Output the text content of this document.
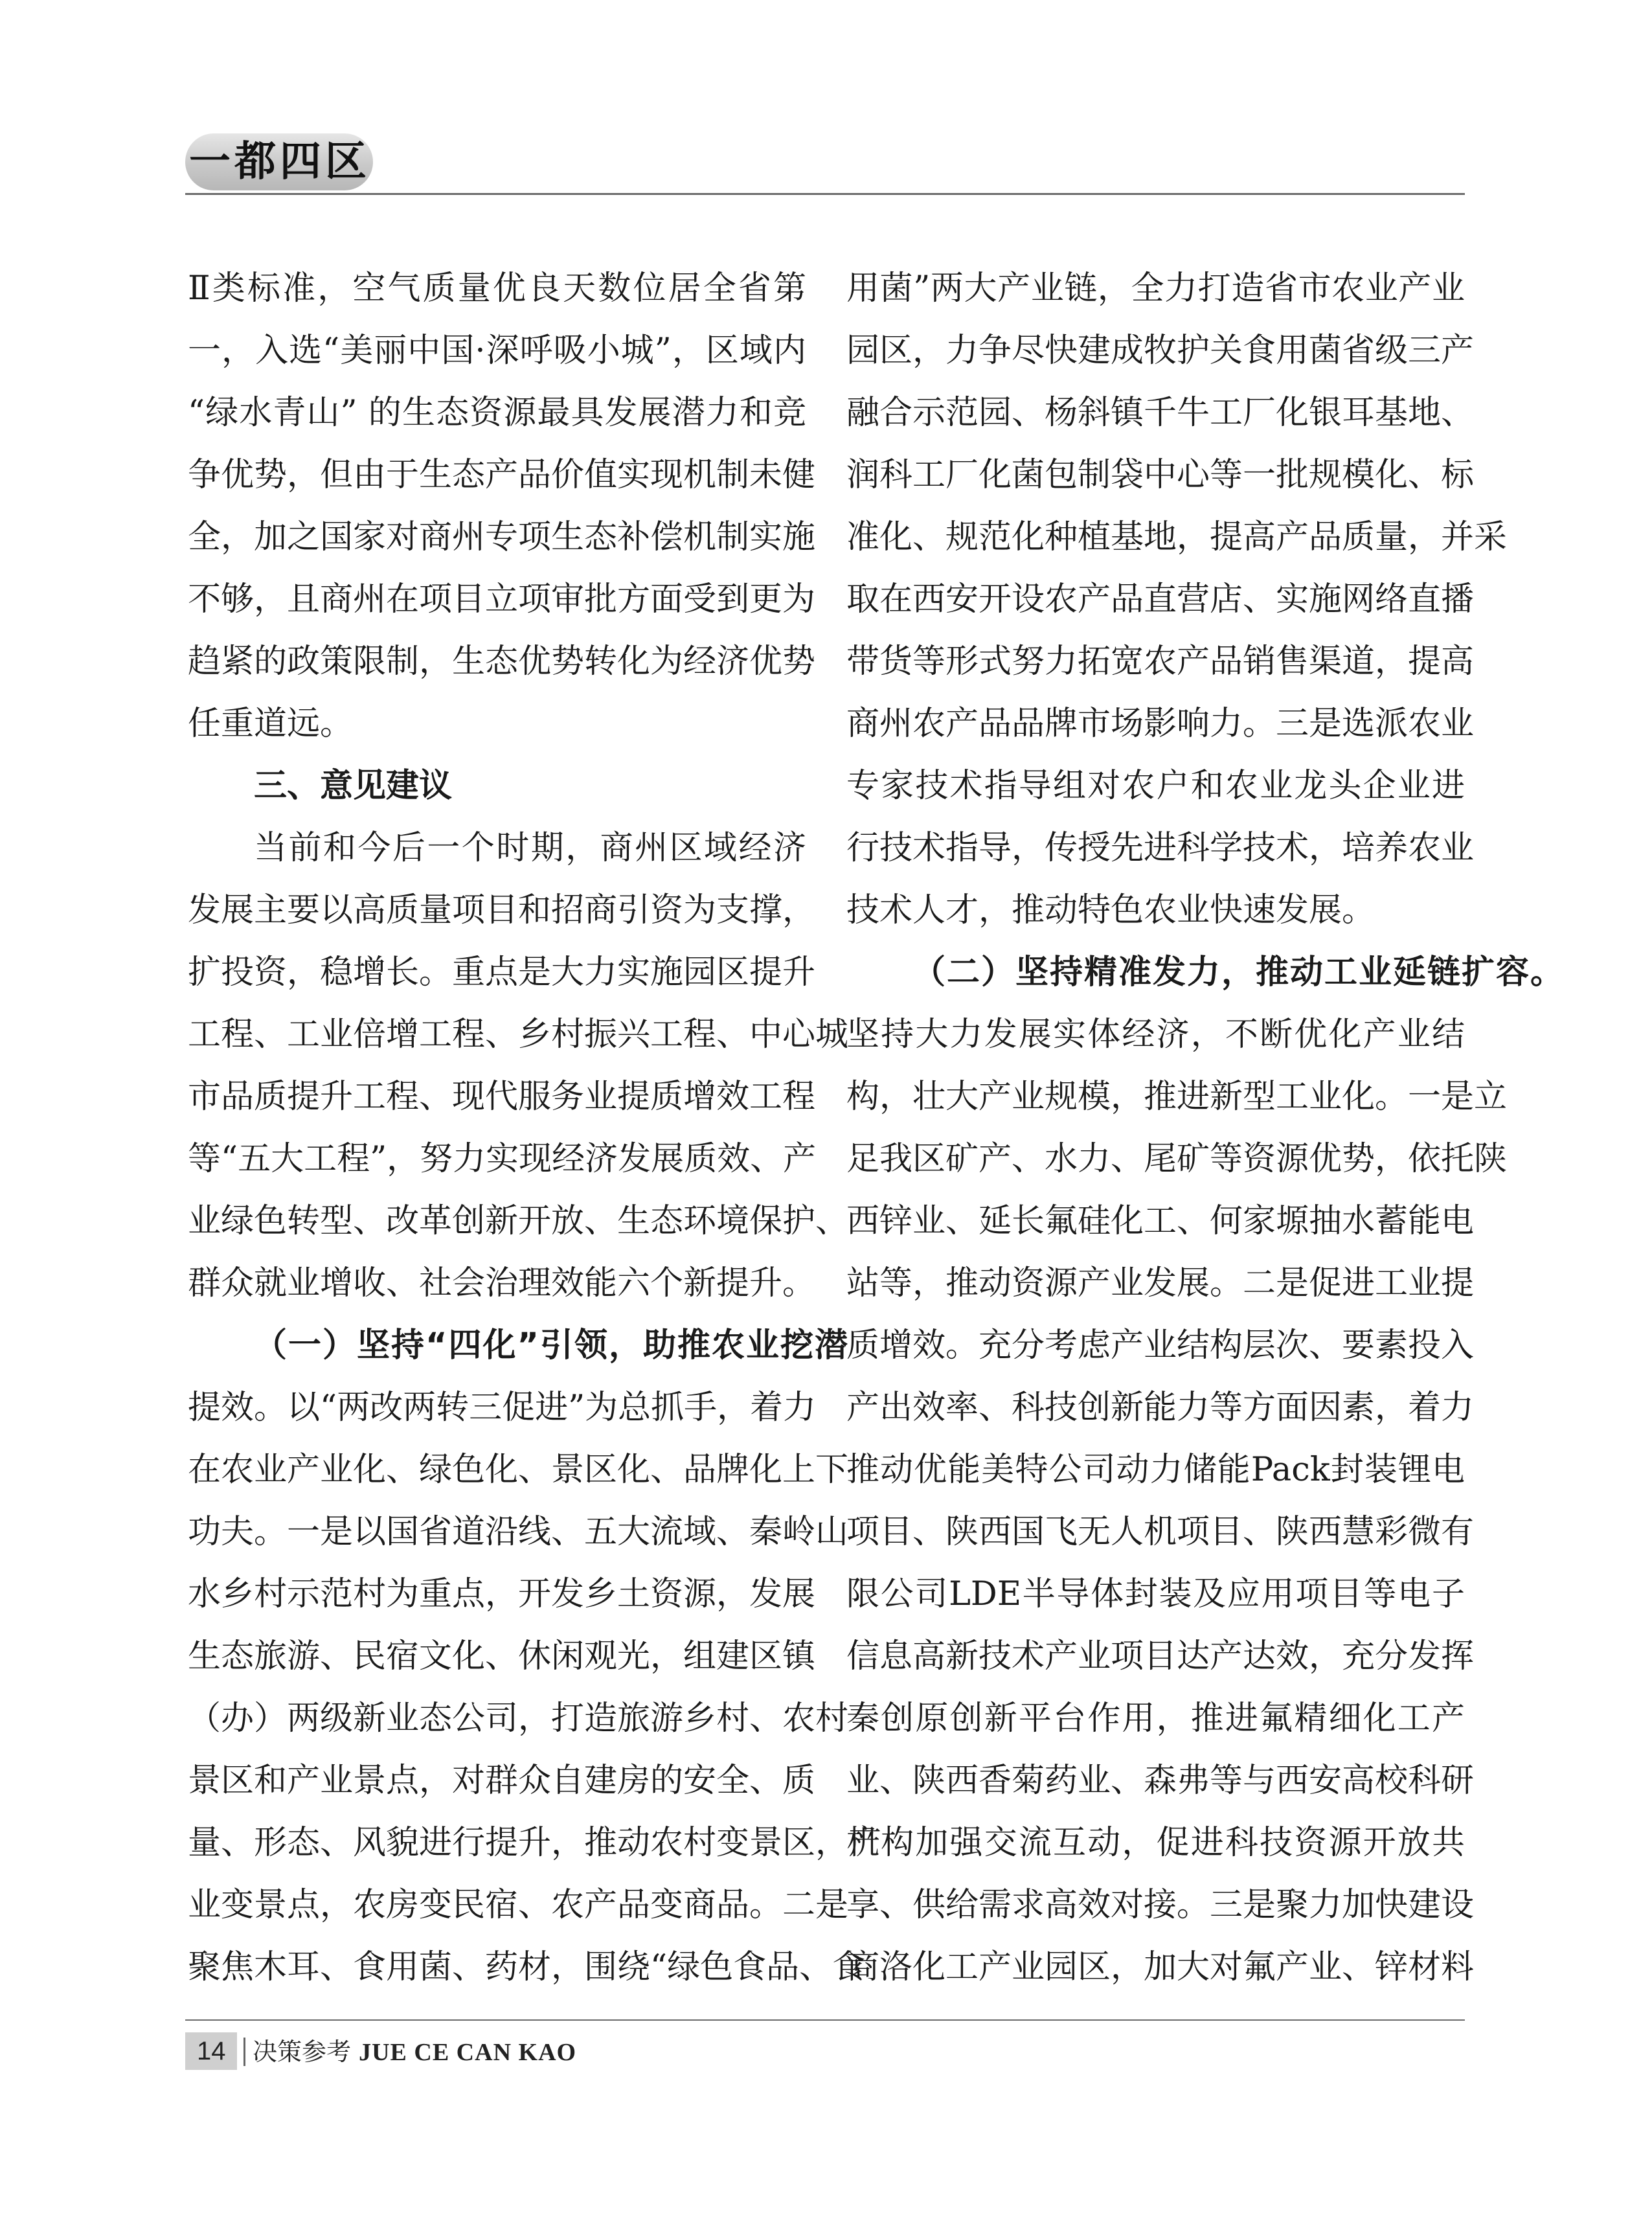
一都四区
Ⅱ类标准，空气质量优良天数位居全省第
一，入选“美丽中国·深呼吸小城”，区域内
“绿水青山” 的生态资源最具发展潜力和竞
争优势，但由于生态产品价值实现机制未健
全，加之国家对商州专项生态补偿机制实施
不够，且商州在项目立项审批方面受到更为
趋紧的政策限制，生态优势转化为经济优势
任重道远。
三、意见建议
当前和今后一个时期，商州区域经济
发展主要以高质量项目和招商引资为支撑，
扩投资，稳增长。重点是大力实施园区提升
工程、工业倍增工程、乡村振兴工程、中心城
市品质提升工程、现代服务业提质增效工程
等“五大工程”，努力实现经济发展质效、产
业绿色转型、改革创新开放、生态环境保护、
群众就业增收、社会治理效能六个新提升。
（一）坚持“四化”引领，助推农业挖潜
提效。以“两改两转三促进”为总抓手，着力
在农业产业化、绿色化、景区化、品牌化上下
功夫。一是以国省道沿线、五大流域、秦岭山
水乡村示范村为重点，开发乡土资源，发展
生态旅游、民宿文化、休闲观光，组建区镇
（办）两级新业态公司，打造旅游乡村、农村
景区和产业景点，对群众自建房的安全、质
量、形态、风貌进行提升，推动农村变景区，产
业变景点，农房变民宿、农产品变商品。二是
聚焦木耳、食用菌、药材，围绕“绿色食品、食
用菌”两大产业链，全力打造省市农业产业
园区，力争尽快建成牧护关食用菌省级三产
融合示范园、杨斜镇千牛工厂化银耳基地、
润科工厂化菌包制袋中心等一批规模化、标
准化、规范化种植基地，提高产品质量，并采
取在西安开设农产品直营店、实施网络直播
带货等形式努力拓宽农产品销售渠道，提高
商州农产品品牌市场影响力。三是选派农业
专家技术指导组对农户和农业龙头企业进
行技术指导，传授先进科学技术，培养农业
技术人才，推动特色农业快速发展。
（二）坚持精准发力，推动工业延链扩容。
坚持大力发展实体经济，不断优化产业结
构，壮大产业规模，推进新型工业化。一是立
足我区矿产、水力、尾矿等资源优势，依托陕
西锌业、延长氟硅化工、何家塬抽水蓄能电
站等，推动资源产业发展。二是促进工业提
质增效。充分考虑产业结构层次、要素投入
产出效率、科技创新能力等方面因素，着力
推动优能美特公司动力储能Pack封装锂电
项目、陕西国飞无人机项目、陕西慧彩微有
限公司LDE半导体封装及应用项目等电子
信息高新技术产业项目达产达效，充分发挥
秦创原创新平台作用，推进氟精细化工产
业、陕西香菊药业、森弗等与西安高校科研
机构加强交流互动，促进科技资源开放共
享、供给需求高效对接。三是聚力加快建设
商洛化工产业园区，加大对氟产业、锌材料
14 决策参考 JUE CE CAN KAO
